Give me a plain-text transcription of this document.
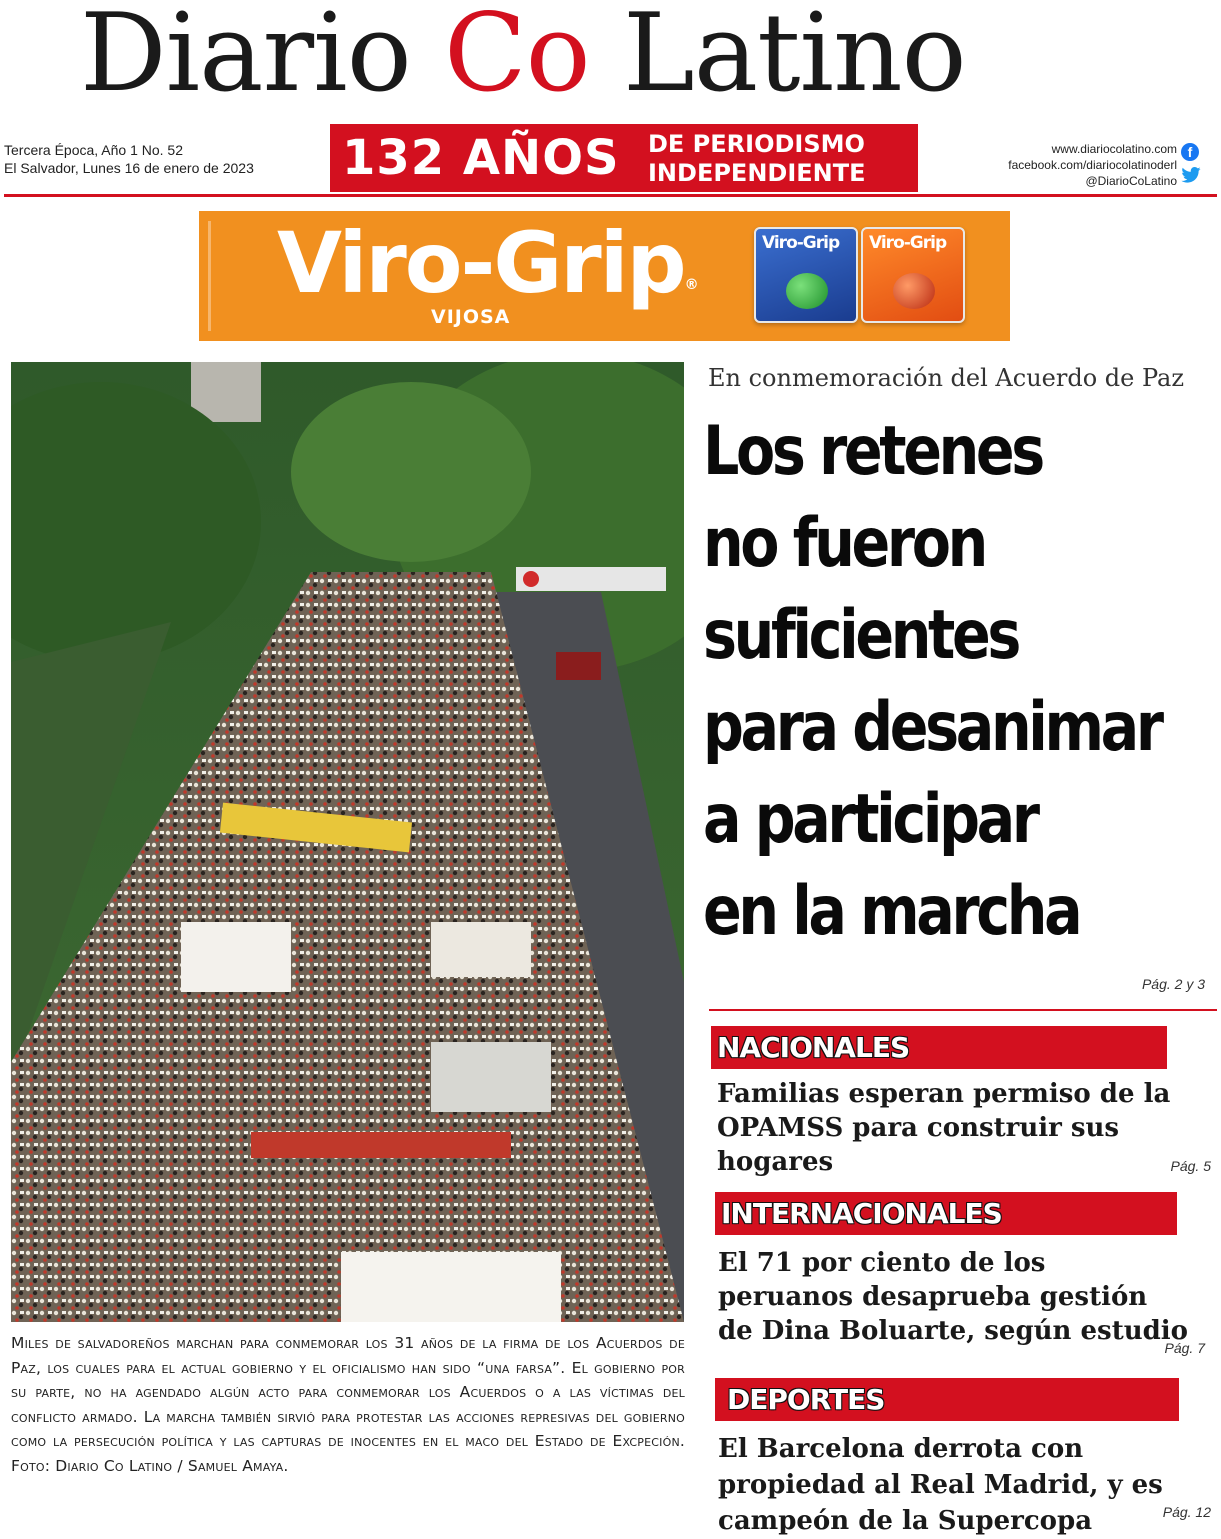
Diario Co Latino
Tercera Época, Año 1 No. 52
El Salvador, Lunes 16 de enero de 2023 132 AÑOS DE PERIODISMO
INDEPENDIENTE
www.diariocolatino.com
facebook.com/diariocolatinoderl
@DiarioCoLatino
f
Viro-Grip®
VIJOSA
Viro-Grip Viro-Grip
Miles de salvadoreños marchan para conmemorar los 31 años de la firma de los Acuerdos de Paz, los cuales para el actual gobierno y el oficialismo han sido “una farsa”. El gobierno por su parte, no ha agendado algún acto para conmemorar los Acuerdos o a las víctimas del conflicto armado. La marcha también sirvió para protestar las acciones represivas del gobierno como la persecución política y las capturas de inocentes en el maco del Estado de Excpeción. Foto: Diario Co Latino / Samuel Amaya.
En conmemoración del Acuerdo de Paz
Los retenes
no fueron
suficientes
para desanimar
a participar
en la marcha
Pág. 2 y 3
NACIONALES
Familias esperan permiso de la OPAMSS para construir sus hogares	Pág. 5
INTERNACIONALES
El 71 por ciento de los peruanos desaprueba gestión de Dina Boluarte, según estudio
Pág. 7
DEPORTES
El Barcelona derrota con propiedad al Real Madrid, y es campeón de la Supercopa	Pág. 12
